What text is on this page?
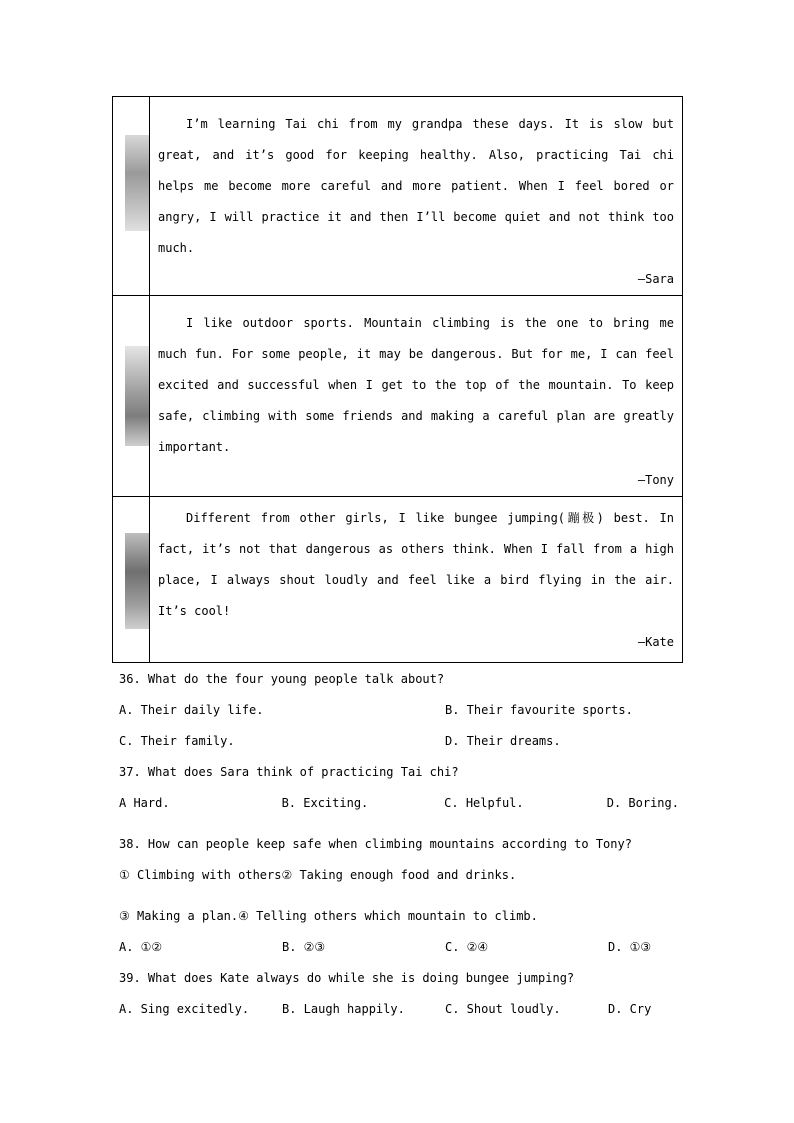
	I’m learning Tai chi from my grandpa these days. It is slow but great, and it’s good for keeping healthy. Also, practicing Tai chi helps me become more careful and more patient. When I feel bored or angry, I will practice it and then I’ll become quiet and not think too much.

—Sara

	I like outdoor sports. Mountain climbing is the one to bring me much fun. For some people, it may be dangerous. But for me, I can feel excited and successful when I get to the top of the mountain. To keep safe, climbing with some friends and making a careful plan are greatly important.

—Tony

	Different from other girls, I like bungee jumping(蹦极) best. In fact, it’s not that dangerous as others think. When I fall from a high place, I always shout loudly and feel like a bird flying in the air. It’s cool!

—Kate

36. What do the four young people talk about?

A. Their daily life.	B. Their favourite sports.
C. Their family.	D. Their dreams.

37. What does Sara think of practicing Tai chi?

A Hard.	B. Exciting.	C. Helpful.	D. Boring.

38. How can people keep safe when climbing mountains according to Tony?

① Climbing with others② Taking enough food and drinks.

③ Making a plan.④ Telling others which mountain to climb.

A. ①②	B. ②③	C. ②④	D. ①③

39. What does Kate always do while she is doing bungee jumping?

A. Sing excitedly.	B. Laugh happily.	C. Shout loudly.	D. Cry
